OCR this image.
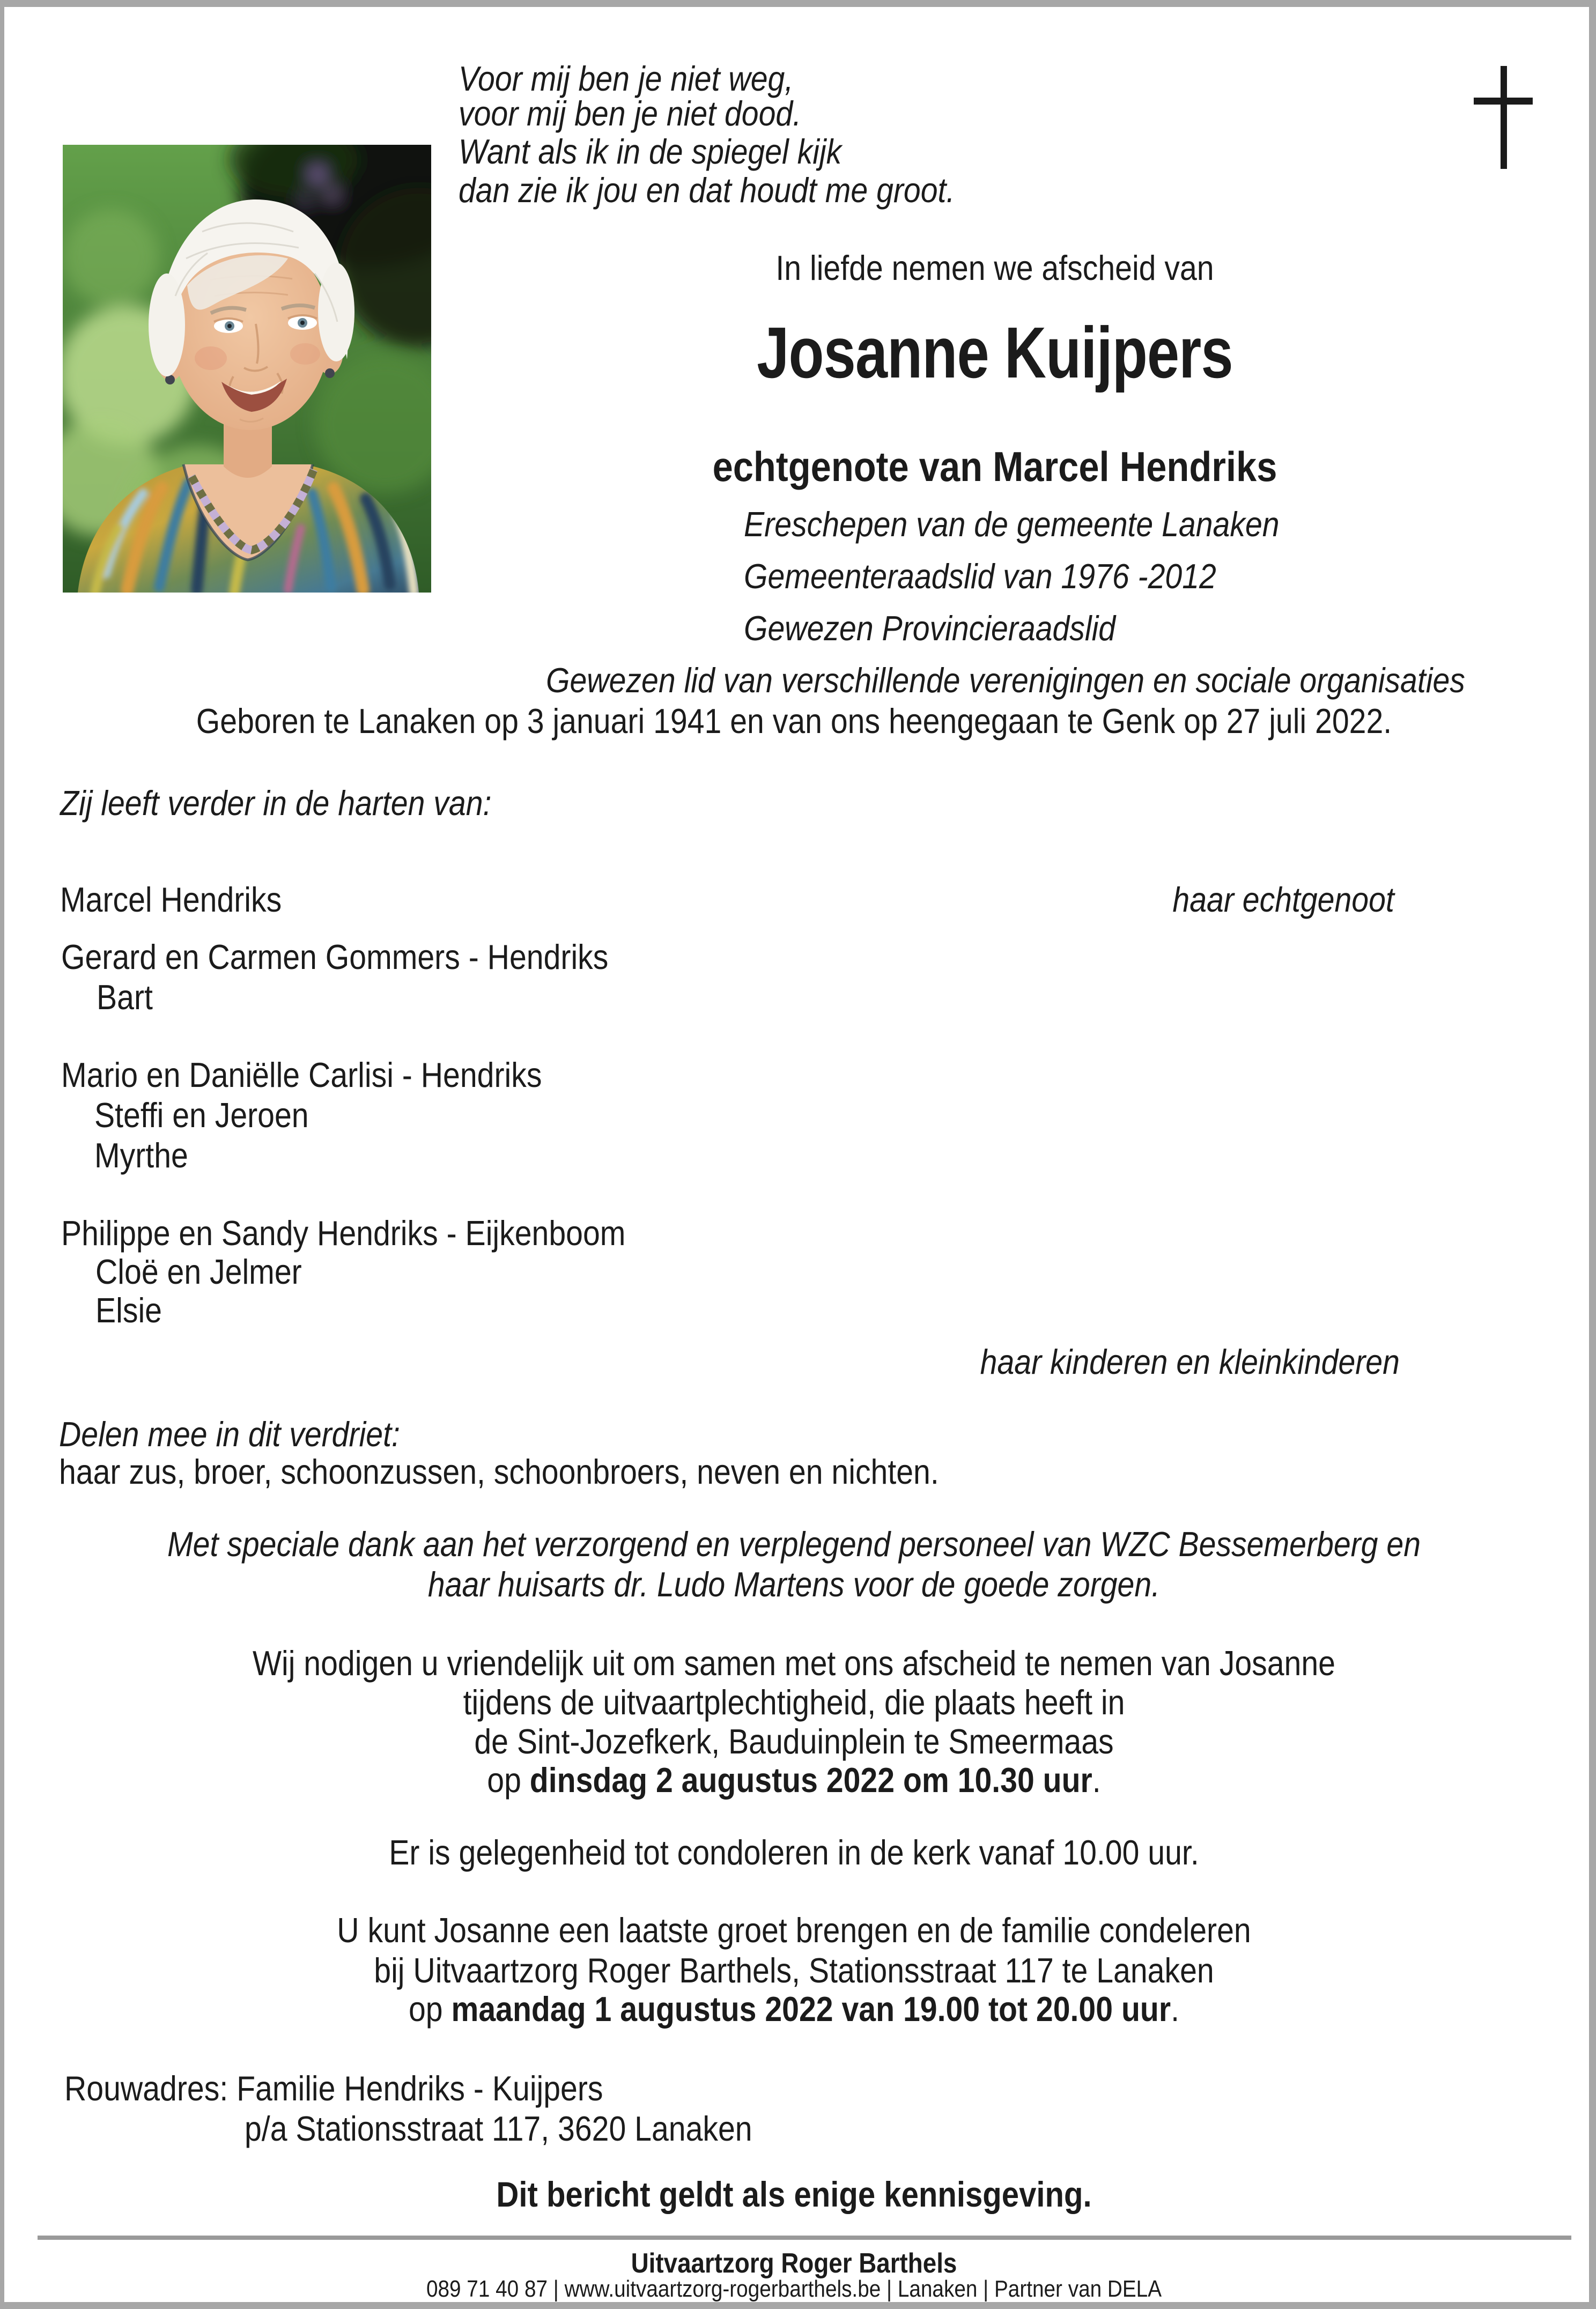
Voor mij ben je niet weg,
voor mij ben je niet dood.
Want als ik in de spiegel kijk
dan zie ik jou en dat houdt me groot.
In liefde nemen we afscheid van
Josanne Kuijpers
echtgenote van Marcel Hendriks
Ereschepen van de gemeente Lanaken
Gemeenteraadslid van 1976 -2012
Gewezen Provincieraadslid
Gewezen lid van verschillende verenigingen en sociale organisaties
Geboren te Lanaken op 3 januari 1941 en van ons heengegaan te Genk op 27 juli 2022.
Zij leeft verder in de harten van:
Marcel Hendriks	haar echtgenoot
Gerard en Carmen Gommers - Hendriks
Bart
Mario en Daniëlle Carlisi - Hendriks
Steffi en Jeroen
Myrthe
Philippe en Sandy Hendriks - Eijkenboom
Cloë en Jelmer
Elsie
haar kinderen en kleinkinderen
Delen mee in dit verdriet:
haar zus, broer, schoonzussen, schoonbroers, neven en nichten.
Met speciale dank aan het verzorgend en verplegend personeel van WZC Bessemerberg en
haar huisarts dr. Ludo Martens voor de goede zorgen.
Wij nodigen u vriendelijk uit om samen met ons afscheid te nemen van Josanne
tijdens de uitvaartplechtigheid, die plaats heeft in
de Sint-Jozefkerk, Bauduinplein te Smeermaas
op dinsdag 2 augustus 2022 om 10.30 uur.
Er is gelegenheid tot condoleren in de kerk vanaf 10.00 uur.
U kunt Josanne een laatste groet brengen en de familie condeleren
bij Uitvaartzorg Roger Barthels, Stationsstraat 117 te Lanaken
op maandag 1 augustus 2022 van 19.00 tot 20.00 uur.
Rouwadres: Familie Hendriks - Kuijpers
p/a Stationsstraat 117, 3620 Lanaken
Dit bericht geldt als enige kennisgeving.
Uitvaartzorg Roger Barthels
089 71 40 87 | www.uitvaartzorg-rogerbarthels.be | Lanaken | Partner van DELA
